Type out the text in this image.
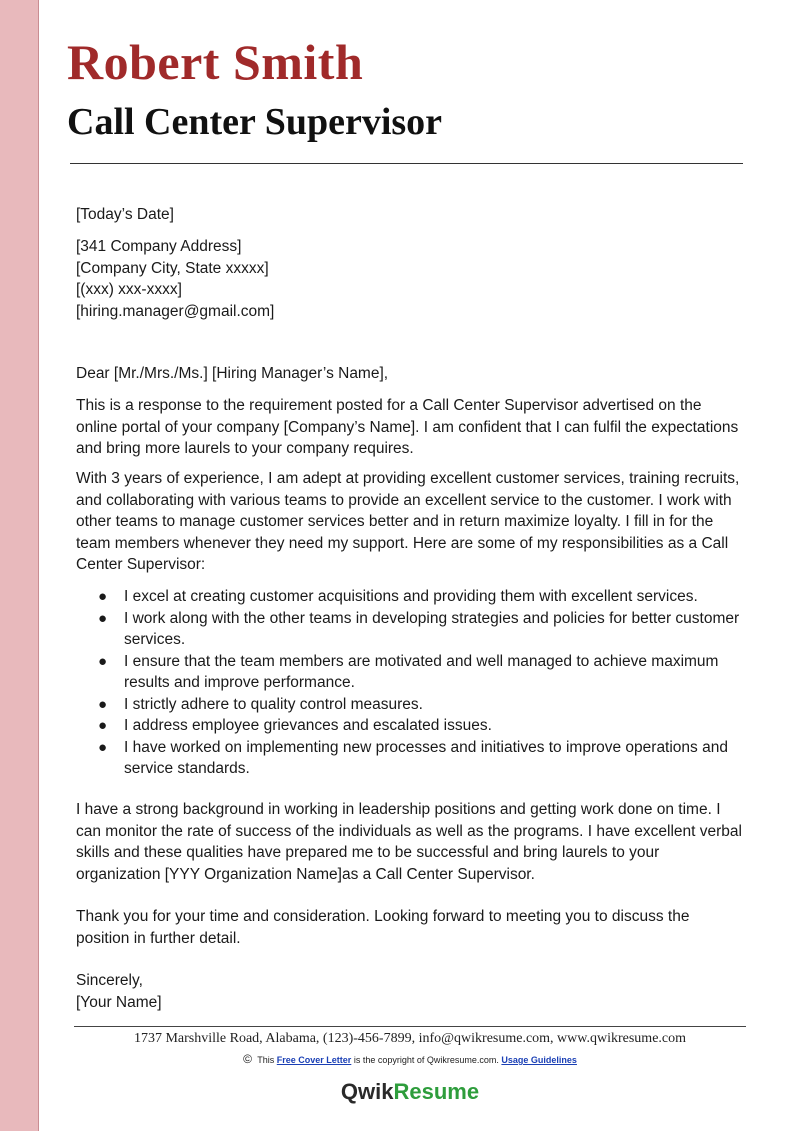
Robert Smith
Call Center Supervisor

[Today’s Date]

[341 Company Address]
[Company City, State xxxxx]
[(xxx) xxx-xxxx]
[hiring.manager@gmail.com]

Dear [Mr./Mrs./Ms.] [Hiring Manager’s Name],

This is a response to the requirement posted for a Call Center Supervisor advertised on the online portal of your company [Company’s Name]. I am confident that I can fulfil the expectations and bring more laurels to your company requires.

With 3 years of experience, I am adept at providing excellent customer services, training recruits, and collaborating with various teams to provide an excellent service to the customer. I work with other teams to manage customer services better and in return maximize loyalty. I fill in for the team members whenever they need my support. Here are some of my responsibilities as a Call Center Supervisor:

● I excel at creating customer acquisitions and providing them with excellent services.
● I work along with the other teams in developing strategies and policies for better customer services.
● I ensure that the team members are motivated and well managed to achieve maximum results and improve performance.
● I strictly adhere to quality control measures.
● I address employee grievances and escalated issues.
● I have worked on implementing new processes and initiatives to improve operations and service standards.

I have a strong background in working in leadership positions and getting work done on time. I can monitor the rate of success of the individuals as well as the programs. I have excellent verbal skills and these qualities have prepared me to be successful and bring laurels to your organization [YYY Organization Name]as a Call Center Supervisor.

Thank you for your time and consideration. Looking forward to meeting you to discuss the position in further detail.

Sincerely,
[Your Name]
1737 Marshville Road, Alabama, (123)-456-7899, info@qwikresume.com, www.qwikresume.com
© This Free Cover Letter is the copyright of Qwikresume.com. Usage Guidelines
QwikResume
